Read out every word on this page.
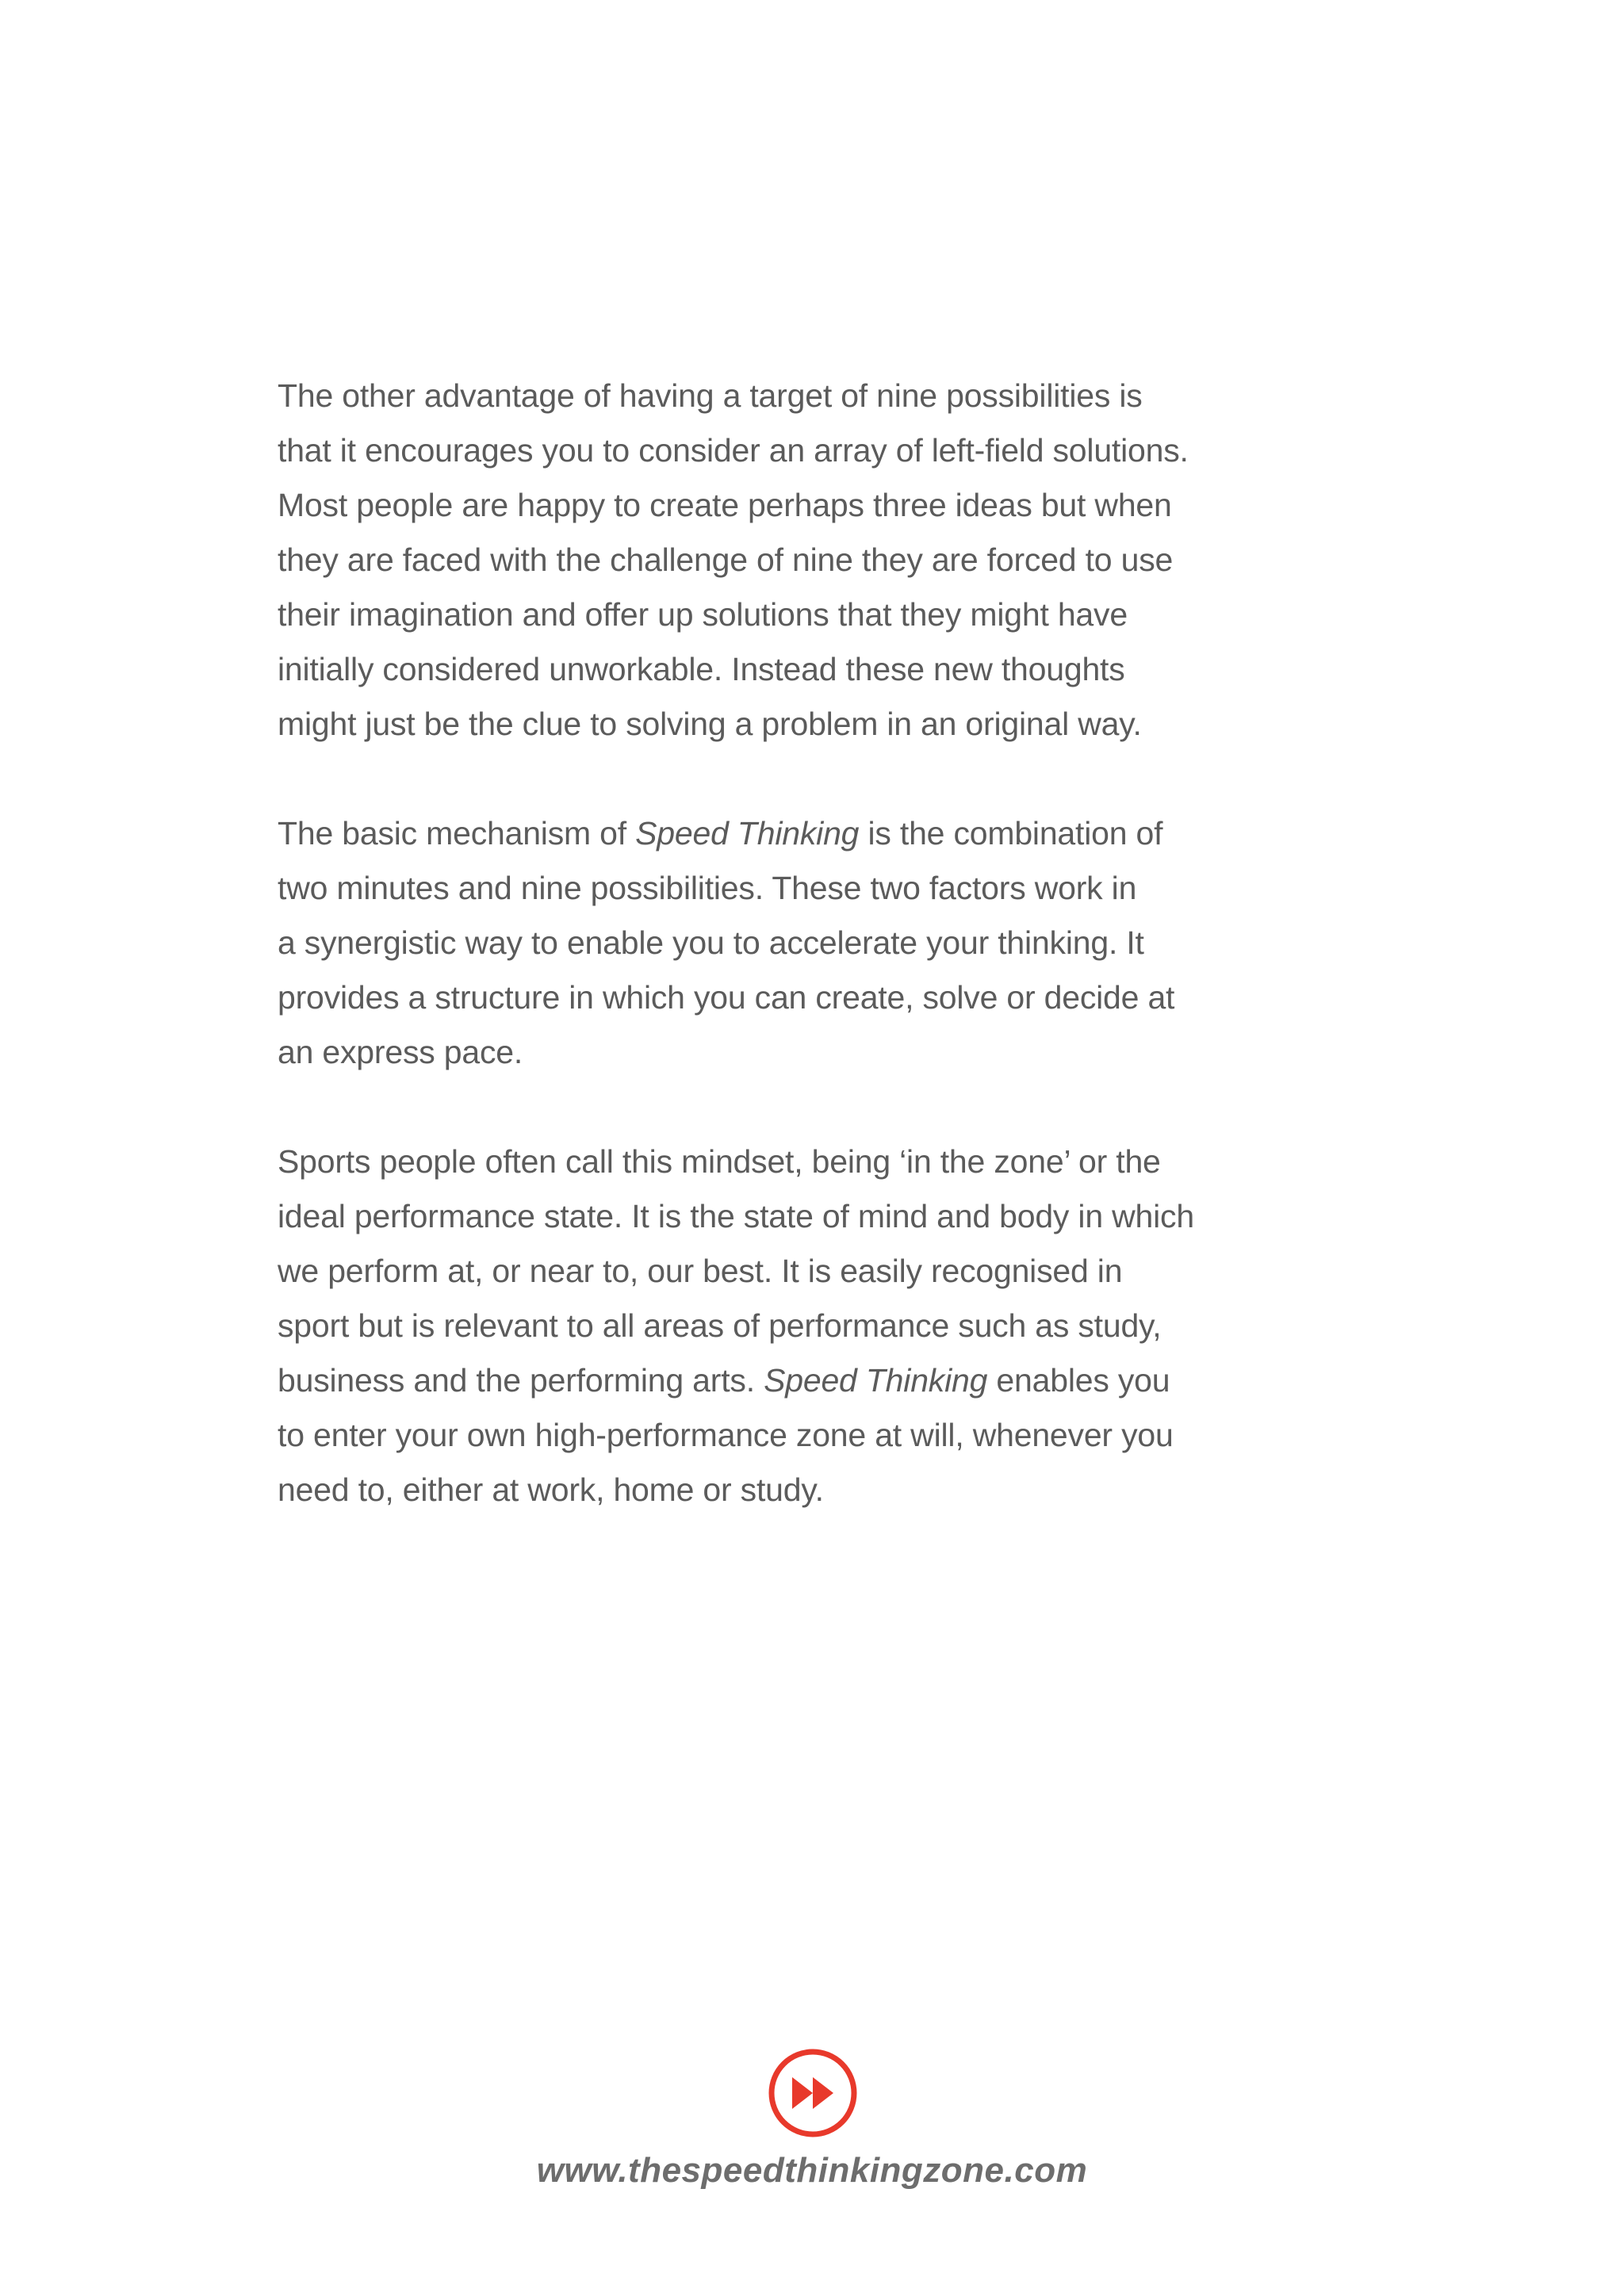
The other advantage of having a target of nine possibilities is
that it encourages you to consider an array of left-field solutions.
Most people are happy to create perhaps three ideas but when
they are faced with the challenge of nine they are forced to use
their imagination and offer up solutions that they might have
initially considered unworkable. Instead these new thoughts
might just be the clue to solving a problem in an original way.

The basic mechanism of Speed Thinking is the combination of
two minutes and nine possibilities. These two factors work in
a synergistic way to enable you to accelerate your thinking. It
provides a structure in which you can create, solve or decide at
an express pace.

Sports people often call this mindset, being ‘in the zone’ or the
ideal performance state. It is the state of mind and body in which
we perform at, or near to, our best. It is easily recognised in
sport but is relevant to all areas of performance such as study,
business and the performing arts. Speed Thinking enables you
to enter your own high-performance zone at will, whenever you
need to, either at work, home or study.

www.thespeedthinkingzone.com
